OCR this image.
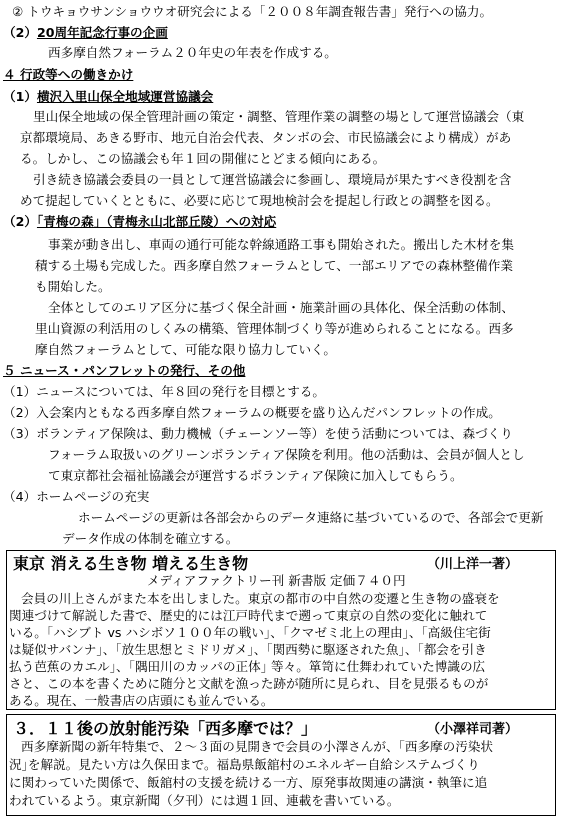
② トウキョウサンショウウオ研究会による「２００８年調査報告書」発行への協力。
（2）20周年記念行事の企画
西多摩自然フォーラム２０年史の年表を作成する。
４ 行政等への働きかけ
（1）横沢入里山保全地域運営協議会
里山保全地域の保全管理計画の策定・調整、管理作業の調整の場として運営協議会（東
京都環境局、あきる野市、地元自治会代表、タンボの会、市民協議会により構成）があ
る。しかし、この協議会も年１回の開催にとどまる傾向にある。
引き続き協議会委員の一員として運営協議会に参画し、環境局が果たすべき役割を含
めて提起していくとともに、必要に応じて現地検討会を提起し行政との調整を図る。
（2）「青梅の森」（青梅永山北部丘陵）への対応
事業が動き出し、車両の通行可能な幹線通路工事も開始された。搬出した木材を集
積する土場も完成した。西多摩自然フォーラムとして、一部エリアでの森林整備作業
も開始した。
全体としてのエリア区分に基づく保全計画・施業計画の具体化、保全活動の体制、
里山資源の利活用のしくみの構築、管理体制づくり等が進められることになる。西多
摩自然フォーラムとして、可能な限り協力していく。
５ ニュース・パンフレットの発行、その他
（1）ニュースについては、年８回の発行を目標とする。
（2）入会案内ともなる西多摩自然フォーラムの概要を盛り込んだパンフレットの作成。
（3）ボランティア保険は、動力機械（チェーンソー等）を使う活動については、森づくり
フォーラム取扱いのグリーンボランティア保険を利用。他の活動は、会員が個人とし
て東京都社会福祉協議会が運営するボランティア保険に加入してもらう。
（4）ホームページの充実
ホームページの更新は各部会からのデータ連絡に基づいているので、各部会で更新
データ作成の体制を確立する。
東京 消える生き物 増える生き物	（川上洋一著）
メディアファクトリー刊 新書版 定価７４０円
会員の川上さんがまた本を出しました。東京の都市の中自然の変遷と生き物の盛衰を
関連づけて解説した書で、歴史的には江戸時代まで遡って東京の自然の変化に触れて
いる。｢ハシブト vs ハシボソ１００年の戦い｣、｢クマゼミ北上の理由｣、｢高級住宅街
は疑似サバンナ｣、｢放生思想とミドリガメ｣、｢関西勢に駆逐された魚｣、｢都会を引き
払う芭蕉のカエル｣、｢隅田川のカッパの正体｣ 等々。箪笥に仕舞われていた博識の広
さと、この本を書くために随分と文献を漁った跡が随所に見られ、目を見張るものが
ある。現在、一般書店の店頭にも並んでいる。
３．１１後の放射能汚染「西多摩では？」	（小澤祥司著）
西多摩新聞の新年特集で、２～３面の見開きで会員の小澤さんが、｢西多摩の汚染状
況｣を解説。見たい方は久保田まで。福島県飯舘村のエネルギー自給システムづくり
に関わっていた関係で、飯舘村の支援を続ける一方、原発事故関連の講演・執筆に追
われているよう。東京新聞（夕刊）には週１回、連載を書いている。
